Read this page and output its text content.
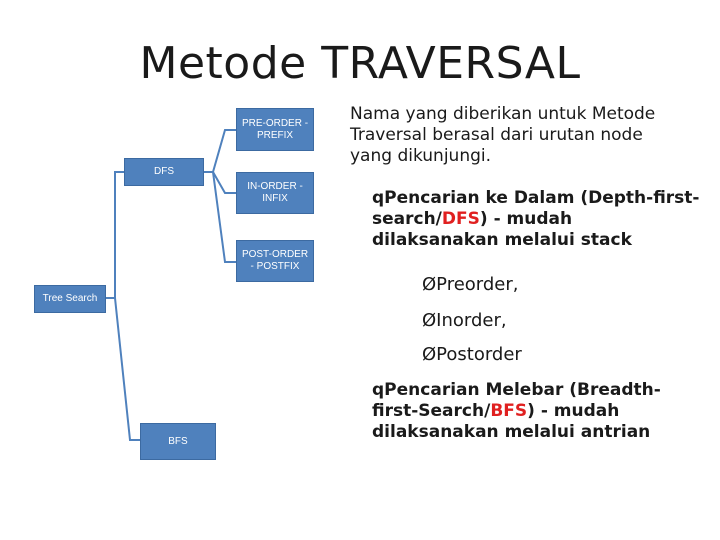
Metode TRAVERSAL
Tree Search
DFS
BFS
PRE-ORDER - PREFIX
IN-ORDER - INFIX
POST-ORDER - POSTFIX
Nama yang diberikan untuk Metode Traversal berasal dari urutan node yang dikunjungi.
qPencarian ke Dalam (Depth-first-search/DFS) - mudah dilaksanakan melalui stack
ØPreorder,
ØInorder,
ØPostorder
qPencarian Melebar (Breadth-first-Search/BFS) - mudah dilaksanakan melalui antrian
